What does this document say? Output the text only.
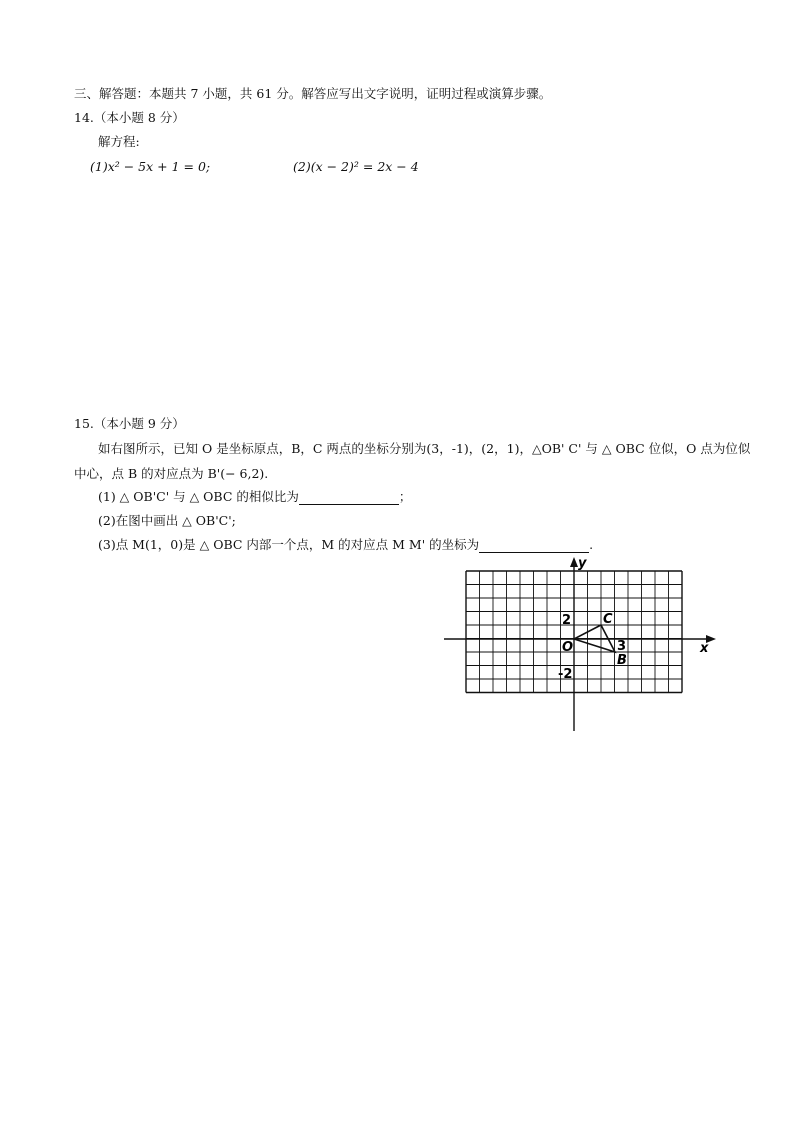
三、解答题：本题共 7 小题，共 61 分。解答应写出文字说明，证明过程或演算步骤。
14.（本小题 8 分）
解方程:
(1)x² − 5x + 1 = 0;	(2)(x − 2)² = 2x − 4
15.（本小题 9 分）
如右图所示，已知 O 是坐标原点，B，C 两点的坐标分别为(3，-1)，(2，1)，△OB' C' 与 △ OBC 位似，O 点为位似
中心，点 B 的对应点为 B'(− 6,2).
(1) △ OB'C' 与 △ OBC 的相似比为	；
(2)在图中画出 △ OB'C';
(3)点 M(1，0)是 △ OBC 内部一个点，M 的对应点 M M' 的坐标为	.
y
x
O
2
-2
3
C
B
